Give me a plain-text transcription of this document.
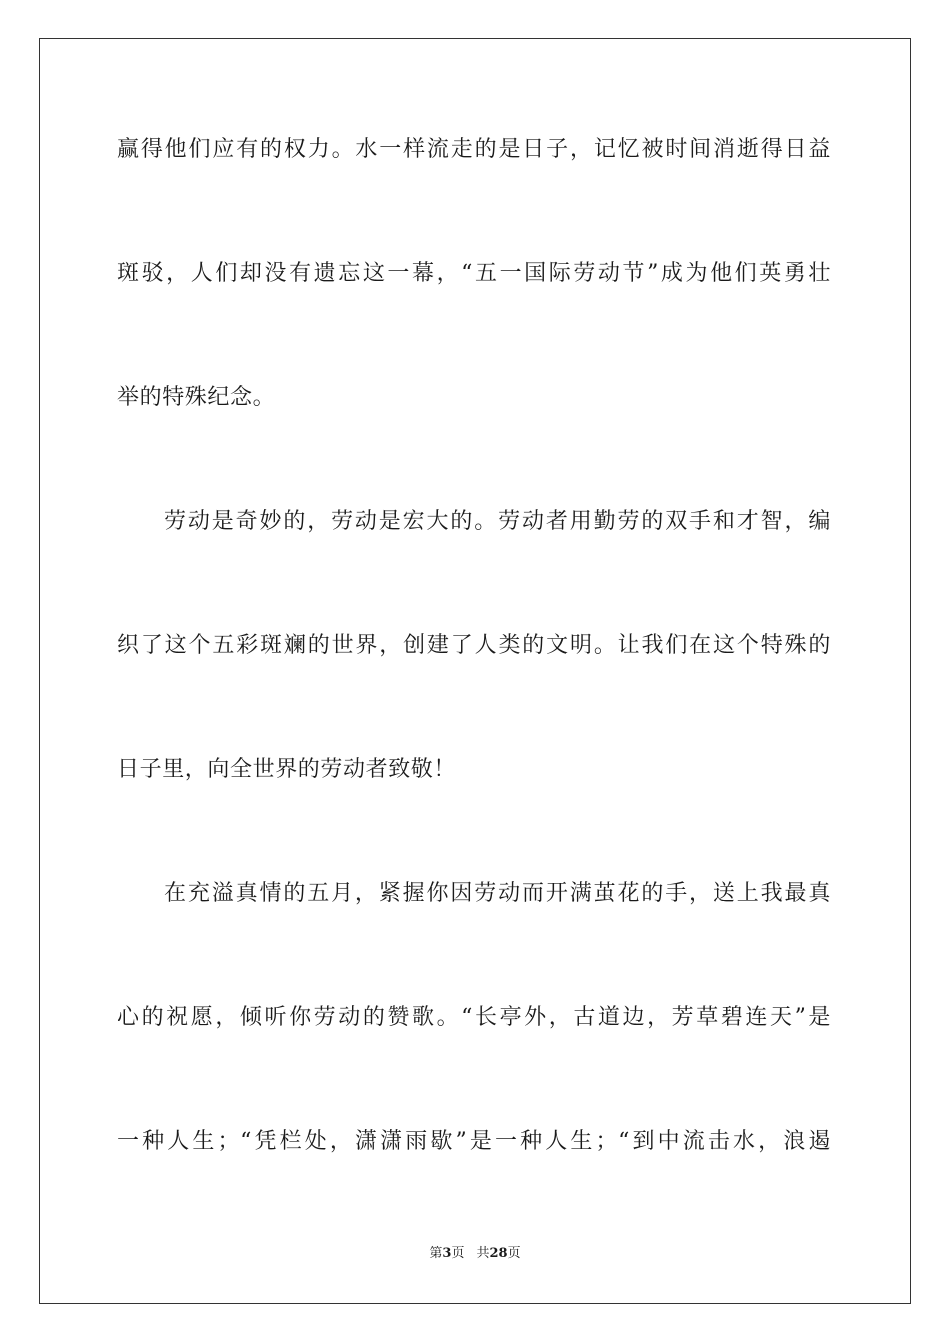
赢得他们应有的权力。水一样流走的是日子，记忆被时间消逝得日益
斑驳，人们却没有遗忘这一幕，“五一国际劳动节”成为他们英勇壮
举的特殊纪念。
劳动是奇妙的，劳动是宏大的。劳动者用勤劳的双手和才智，编
织了这个五彩斑斓的世界，创建了人类的文明。让我们在这个特殊的
日子里，向全世界的劳动者致敬！
在充溢真情的五月，紧握你因劳动而开满茧花的手，送上我最真
心的祝愿，倾听你劳动的赞歌。“长亭外，古道边，芳草碧连天”是
一种人生；“凭栏处，潇潇雨歇”是一种人生；“到中流击水，浪遏
第3页 共28页
